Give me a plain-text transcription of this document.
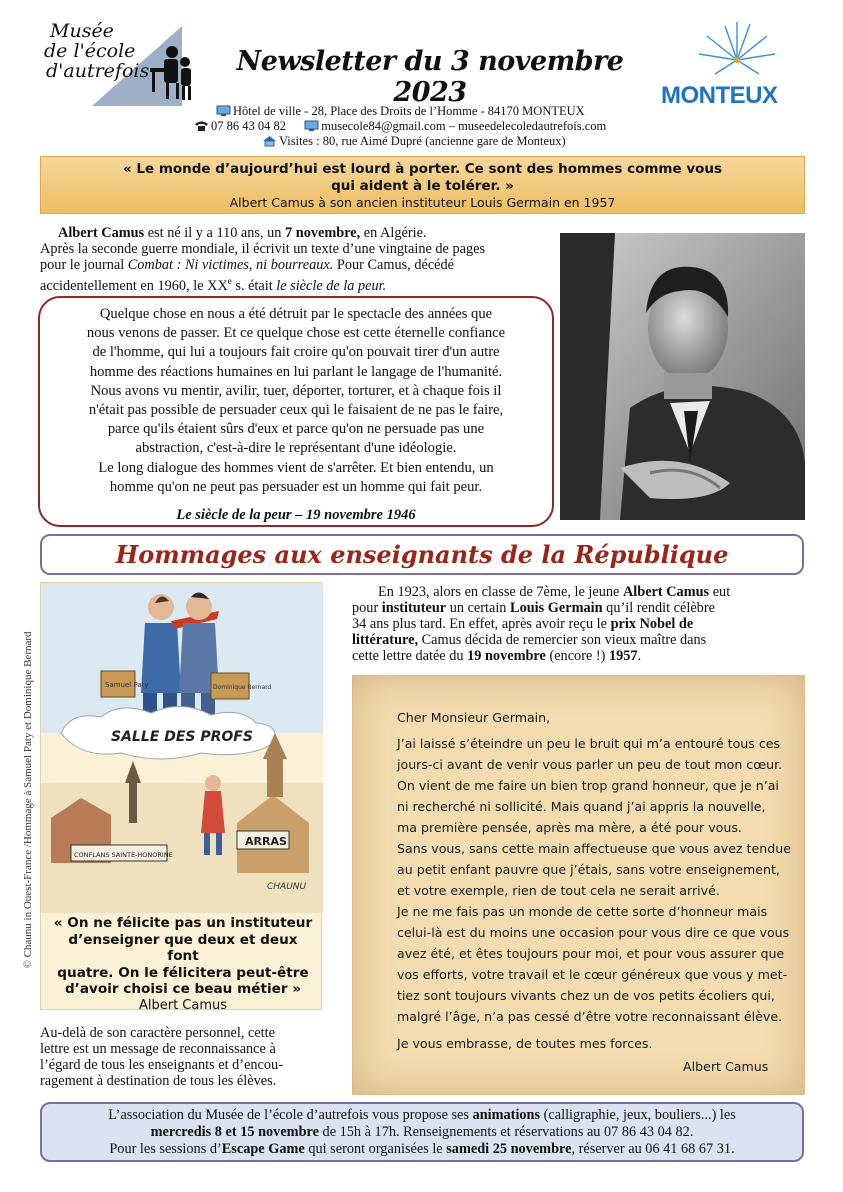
Musée
de l'école
d'autrefois	Newsletter du 3 novembre 2023	MONTEUX
Hôtel de ville - 28, Place des Droits de l’Homme - 84170 MONTEUX
07 86 43 04 82	musecole84@gmail.com – museedelecoledautrefois.com
Visites : 80, rue Aimé Dupré (ancienne gare de Monteux)
« Le monde d’aujourd’hui est lourd à porter. Ce sont des hommes comme vous
qui aident à le tolérer. »
Albert Camus à son ancien instituteur Louis Germain en 1957
Albert Camus est né il y a 110 ans, un 7 novembre, en Algérie.
Après la seconde guerre mondiale, il écrivit un texte d’une vingtaine de pages
pour le journal Combat : Ni victimes, ni bourreaux. Pour Camus, décédé
accidentellement en 1960, le XXe s. était le siècle de la peur.
Quelque chose en nous a été détruit par le spectacle des années que
nous venons de passer. Et ce quelque chose est cette éternelle confiance
de l'homme, qui lui a toujours fait croire qu'on pouvait tirer d'un autre
homme des réactions humaines en lui parlant le langage de l'humanité.
Nous avons vu mentir, avilir, tuer, déporter, torturer, et à chaque fois il
n'était pas possible de persuader ceux qui le faisaient de ne pas le faire,
parce qu'ils étaient sûrs d'eux et parce qu'on ne persuade pas une
abstraction, c'est-à-dire le représentant d'une idéologie.
Le long dialogue des hommes vient de s'arrêter. Et bien entendu, un
homme qu'on ne peut pas persuader est un homme qui fait peur.
Le siècle de la peur – 19 novembre 1946
Hommages aux enseignants de la République
© Chaunu in Ouest-France /Hommage à Samuel Paty et Dominique Bernard	Samuel Paty	Dominique Bernard
SALLE DES PROFS
CONFLANS SAINTE-HONORINE
ARRAS
CHAUNU
« On ne félicite pas un instituteur
d’enseigner que deux et deux font
quatre. On le félicitera peut-être
d’avoir choisi ce beau métier »
Albert Camus
En 1923, alors en classe de 7ème, le jeune Albert Camus eut
pour instituteur un certain Louis Germain qu’il rendit célèbre
34 ans plus tard. En effet, après avoir reçu le prix Nobel de
littérature, Camus décida de remercier son vieux maître dans
cette lettre datée du 19 novembre (encore !) 1957.
Cher Monsieur Germain,
J’ai laissé s’éteindre un peu le bruit qui m’a entouré tous ces
jours-ci avant de venir vous parler un peu de tout mon cœur.
On vient de me faire un bien trop grand honneur, que je n’ai
ni recherché ni sollicité. Mais quand j’ai appris la nouvelle,
ma première pensée, après ma mère, a été pour vous.
Sans vous, sans cette main affectueuse que vous avez tendue
au petit enfant pauvre que j’étais, sans votre enseignement,
et votre exemple, rien de tout cela ne serait arrivé.
Je ne me fais pas un monde de cette sorte d’honneur mais
celui-là est du moins une occasion pour vous dire ce que vous
avez été, et êtes toujours pour moi, et pour vous assurer que
vos efforts, votre travail et le cœur généreux que vous y met-
tiez sont toujours vivants chez un de vos petits écoliers qui,
malgré l’âge, n’a pas cessé d’être votre reconnaissant élève.
Je vous embrasse, de toutes mes forces.
Albert Camus
Au-delà de son caractère personnel, cette
lettre est un message de reconnaissance à
l’égard de tous les enseignants et d’encou-
ragement à destination de tous les élèves.
L’association du Musée de l’école d’autrefois vous propose ses animations (calligraphie, jeux, bouliers...) les
mercredis 8 et 15 novembre de 15h à 17h. Renseignements et réservations au 07 86 43 04 82.
Pour les sessions d’Escape Game qui seront organisées le samedi 25 novembre, réserver au 06 41 68 67 31.
